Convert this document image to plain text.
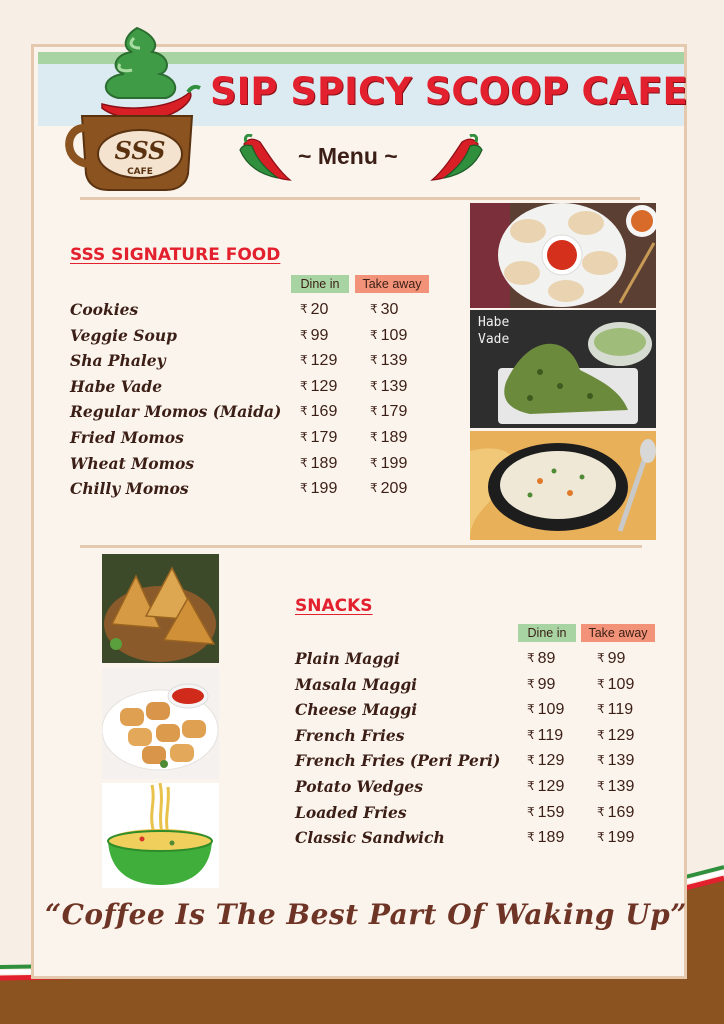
SSS
CAFE
SIP SPICY SCOOP CAFE
~ Menu ~
SSS SIGNATURE FOOD
Dine in	Take away
Cookies	₹ 20	₹ 30
Veggie Soup	₹ 99	₹ 109
Sha Phaley	₹ 129	₹ 139
Habe Vade	₹ 129	₹ 139
Regular Momos (Maida) ₹ 169	₹ 179
Fried Momos	₹ 179	₹ 189
Wheat Momos	₹ 189	₹ 199
Chilly Momos	₹ 199	₹ 209
Habe Vade
SNACKS
Dine in	Take away
Plain Maggi	₹ 89	₹ 99
Masala Maggi	₹ 99	₹ 109
Cheese Maggi	₹ 109	₹ 119
French Fries	₹ 119	₹ 129
French Fries (Peri Peri) ₹ 129	₹ 139
Potato Wedges	₹ 129	₹ 139
Loaded Fries	₹ 159	₹ 169
Classic Sandwich	₹ 189	₹ 199
“Coffee Is The Best Part Of Waking Up”
